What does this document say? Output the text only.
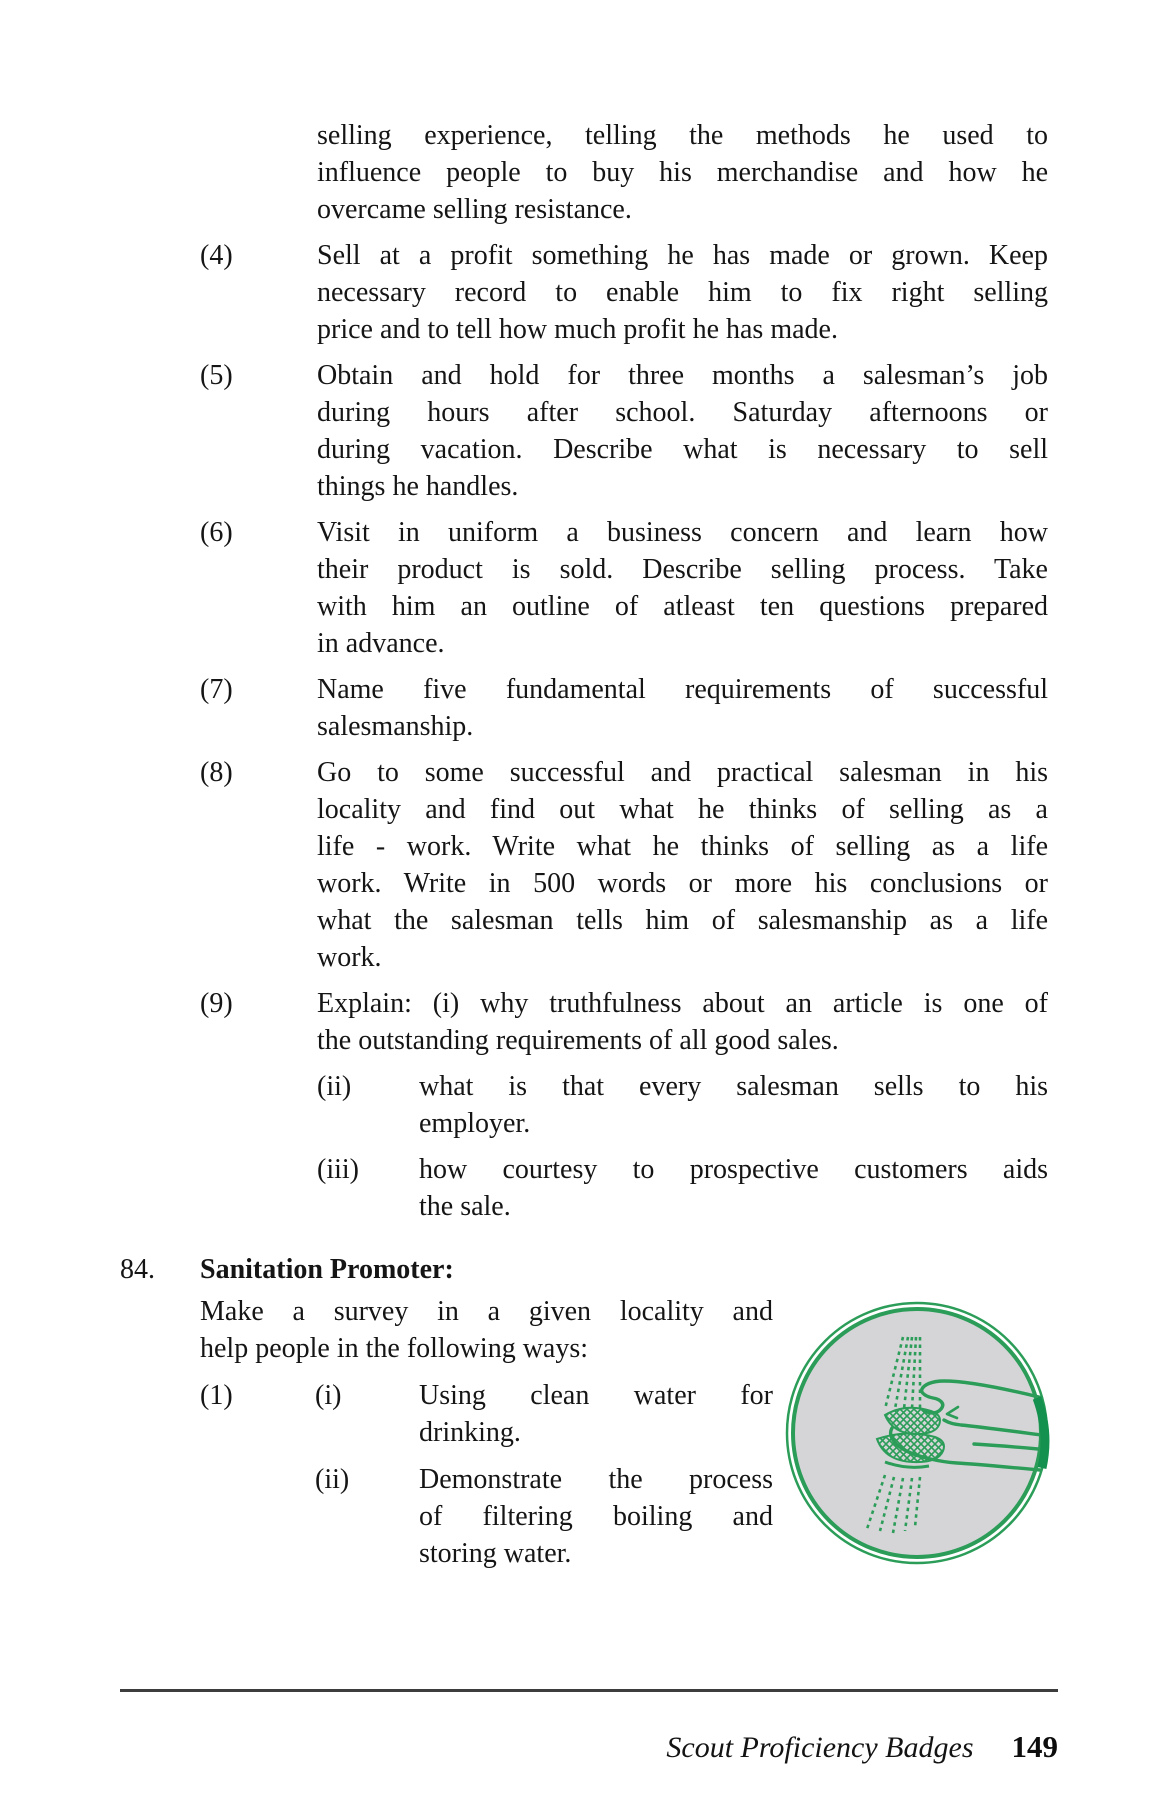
selling experience, telling the methods he used to
influence people to buy his merchandise and how he
overcame selling resistance.
(4)	Sell at a profit something he has made or grown. Keep
necessary record to enable him to fix right selling
price and to tell how much profit he has made.
(5)	Obtain and hold for three months a salesman’s job
during hours after school. Saturday afternoons or
during vacation. Describe what is necessary to sell
things he handles.
(6)	Visit in uniform a business concern and learn how
their product is sold. Describe selling process. Take
with him an outline of atleast ten questions prepared
in advance.
(7)	Name five fundamental requirements of successful
salesmanship.
(8)	Go to some successful and practical salesman in his
locality and find out what he thinks of selling as a
life - work. Write what he thinks of selling as a life
work. Write in 500 words or more his conclusions or
what the salesman tells him of salesmanship as a life
work.
(9)	Explain: (i) why truthfulness about an article is one of
the outstanding requirements of all good sales.
(ii)	what is that every salesman sells to his
employer.
(iii)	how courtesy to prospective customers aids
the sale.
84.	Sanitation Promoter:
Make a survey in a given locality and
help people in the following ways:
(1)	(i)	Using clean water for
drinking.
(ii)	Demonstrate the process
of filtering boiling and
storing water.
Scout Proficiency Badges 149
